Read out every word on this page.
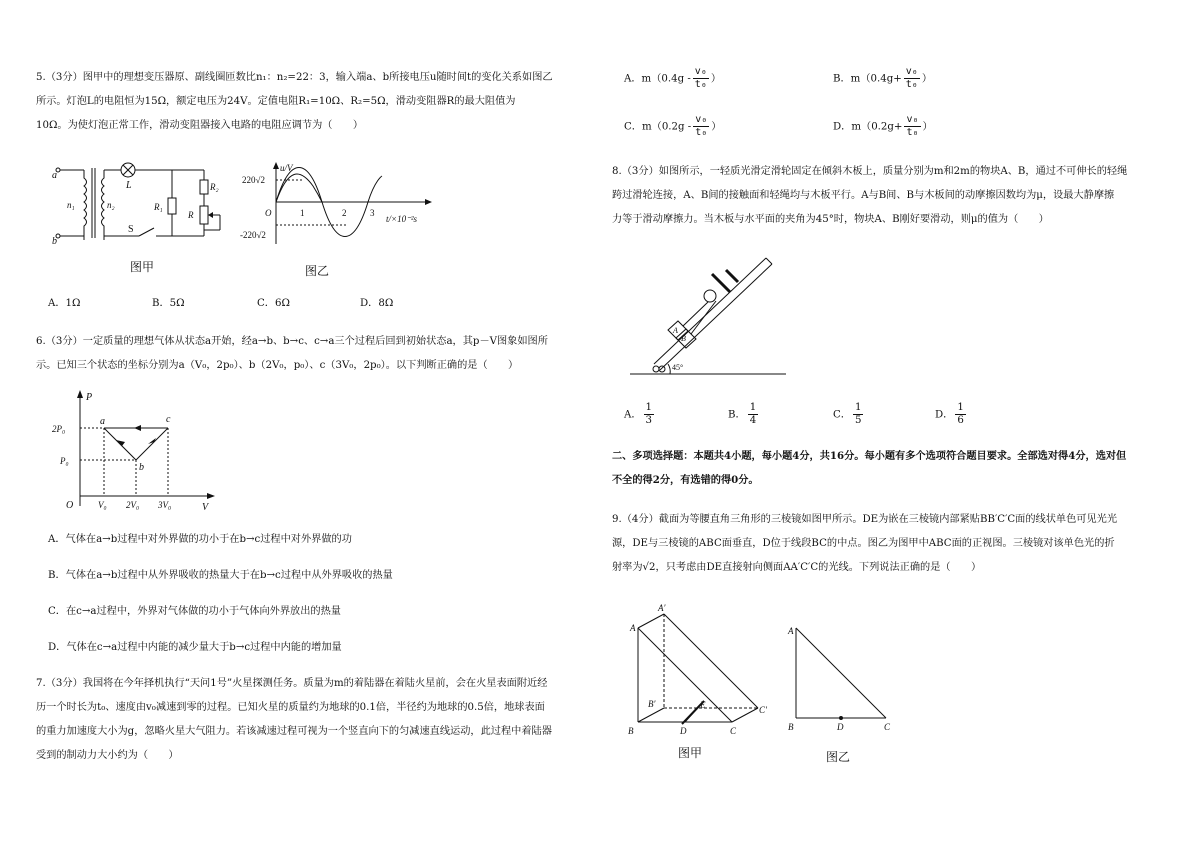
5.（3分）图甲中的理想变压器原、副线圈匝数比n₁：n₂=22：3，输入端a、b所接电压u随时间t的变化关系如图乙
所示。灯泡L的电阻恒为15Ω，额定电压为24V。定值电阻R₁=10Ω、R₂=5Ω，滑动变阻器R的最大阻值为
10Ω。为使灯泡正常工作，滑动变阻器接入电路的电阻应调节为（　　）
a
b
n₁	n₂
L
S
R₁
R₂
R
图甲
u/V
220√2
-220√2
O	1	2	3
t/×10⁻²s
图乙
A．1Ω	B．5Ω	C．6Ω	D．8Ω
6.（3分）一定质量的理想气体从状态a开始，经a→b、b→c、c→a三个过程后回到初始状态a，其p－V图象如图所
示。已知三个状态的坐标分别为a（V₀，2p₀）、b（2V₀，p₀）、c（3V₀，2p₀）。以下判断正确的是（　　）
P
V
O
2P₀
P₀
V₀ 2V₀ 3V₀
a
b
c
A．气体在a→b过程中对外界做的功小于在b→c过程中对外界做的功
B．气体在a→b过程中从外界吸收的热量大于在b→c过程中从外界吸收的热量
C．在c→a过程中，外界对气体做的功小于气体向外界放出的热量
D．气体在c→a过程中内能的减少量大于b→c过程中内能的增加量
7.（3分）我国将在今年择机执行“天问1号”火星探测任务。质量为m的着陆器在着陆火星前，会在火星表面附近经
历一个时长为t₀、速度由v₀减速到零的过程。已知火星的质量约为地球的0.1倍，半径约为地球的0.5倍，地球表面
的重力加速度大小为g，忽略火星大气阻力。若该减速过程可视为一个竖直向下的匀减速直线运动，此过程中着陆器
受到的制动力大小约为（　　）
A．$m(0.4g - \frac{\text{v₀}}{\text{t₀}}$ ）	B．$m(0.4g+ \frac{\text{v₀}}{\text{t₀}}$ ）
C．$m(0.2g - \frac{\text{v₀}}{\text{t₀}}$ ）	D．$m(0.2g+ \frac{\text{v₀}}{\text{t₀}}$ ）
8.（3分）如图所示，一轻质光滑定滑轮固定在倾斜木板上，质量分别为m和2m的物块A、B，通过不可伸长的轻绳
跨过滑轮连接，A、B间的接触面和轻绳均与木板平行。A与B间、B与木板间的动摩擦因数均为μ，设最大静摩擦
力等于滑动摩擦力。当木板与水平面的夹角为45°时，物块A、B刚好要滑动，则μ的值为（　　）
A
B
45°
A． $\frac{1}{3}$	B． $\frac{1}{4}$	C． $\frac{1}{5}$	D． $\frac{1}{6}$
二、多项选择题：本题共4小题，每小题4分，共16分。每小题有多个选项符合题目要求。全部选对得4分，选对但
不全的得2分，有选错的得0分。
9.（4分）截面为等腰直角三角形的三棱镜如图甲所示。DE为嵌在三棱镜内部紧贴BB′C′C面的线状单色可见光光
源，DE与三棱镜的ABC面垂直，D位于线段BC的中点。图乙为图甲中ABC面的正视图。三棱镜对该单色光的折
射率为√2，只考虑由DE直接射向侧面AA′C′C的光线。下列说法正确的是（　　）
A
A′
B
B′
C
C′
D
E
图甲
A
B	C
D
图乙
